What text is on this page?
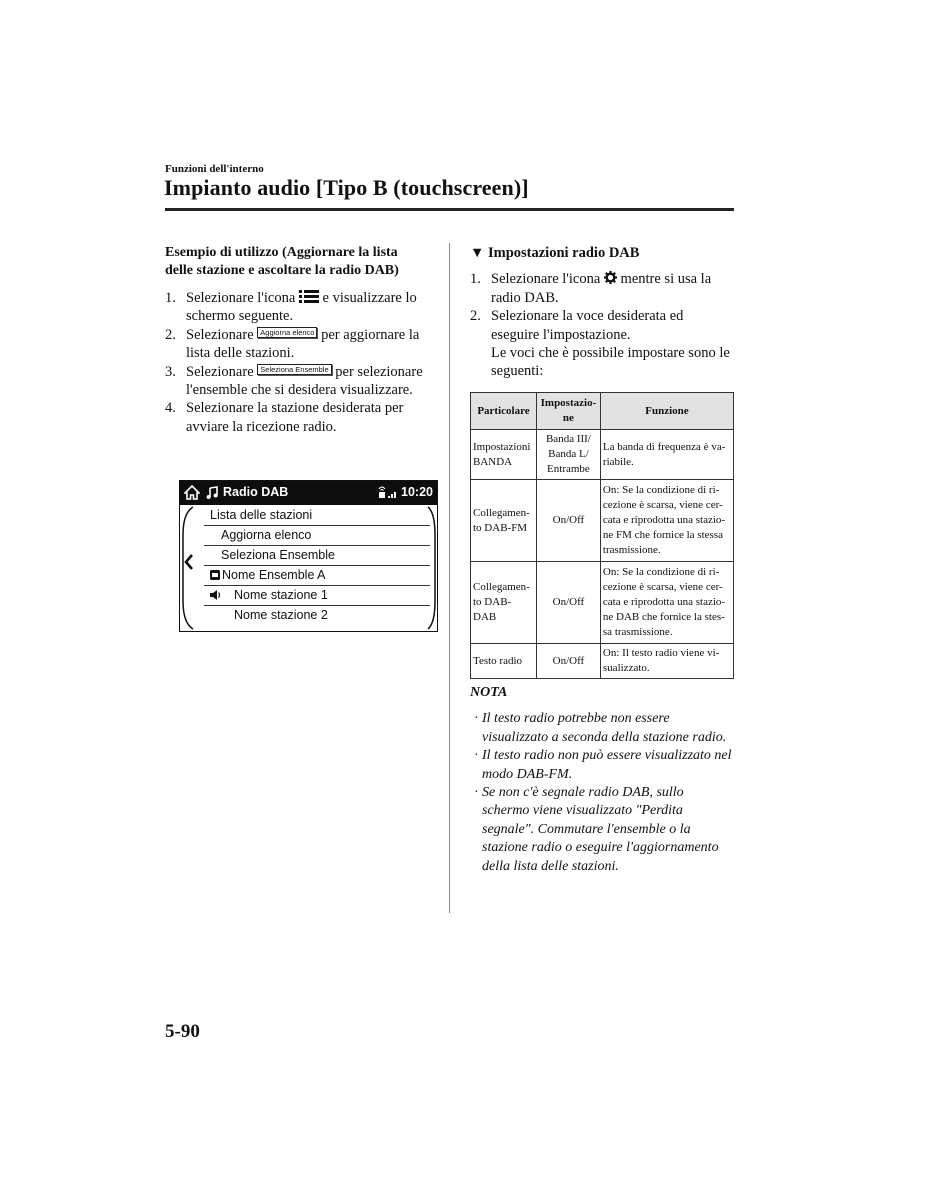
Funzioni dell'interno
Impianto audio [Tipo B (touchscreen)]
Esempio di utilizzo (Aggiornare la lista delle stazione e ascoltare la radio DAB)
1. Selezionare l'icona e visualizzare lo schermo seguente.
2. Selezionare Aggiorna elenco per aggiornare la lista delle stazioni.
3. Selezionare Seleziona Ensemble per selezionare l'ensemble che si desidera visualizzare.
4. Selezionare la stazione desiderata per avviare la ricezione radio.
Radio DAB	10:20
Lista delle stazioni
Aggiorna elenco
Seleziona Ensemble
Nome Ensemble A
Nome stazione 1
Nome stazione 2
▼ Impostazioni radio DAB
1. Selezionare l'icona mentre si usa la radio DAB.
2. Selezionare la voce desiderata ed eseguire l'impostazione.
Le voci che è possibile impostare sono le seguenti:
Particolare	Impostazio-ne	Funzione
Impostazioni BANDA	Banda III/ Banda L/ Entrambe	La banda di frequenza è va-riabile.
Collegamen-to DAB-FM	On/Off	On: Se la condizione di ri-cezione è scarsa, viene cer-cata e riprodotta una stazio-ne FM che fornice la stessa trasmissione.
Collegamen-to DAB-DAB	On/Off	On: Se la condizione di ri-cezione è scarsa, viene cer-cata e riprodotta una stazio-ne DAB che fornice la stes-sa trasmissione.
Testo radio	On/Off	On: Il testo radio viene vi-sualizzato.
NOTA
· Il testo radio potrebbe non essere visualizzato a seconda della stazione radio.
· Il testo radio non può essere visualizzato nel modo DAB-FM.
· Se non c'è segnale radio DAB, sullo schermo viene visualizzato "Perdita segnale". Commutare l'ensemble o la stazione radio o eseguire l'aggiornamento della lista delle stazioni.
5-90
